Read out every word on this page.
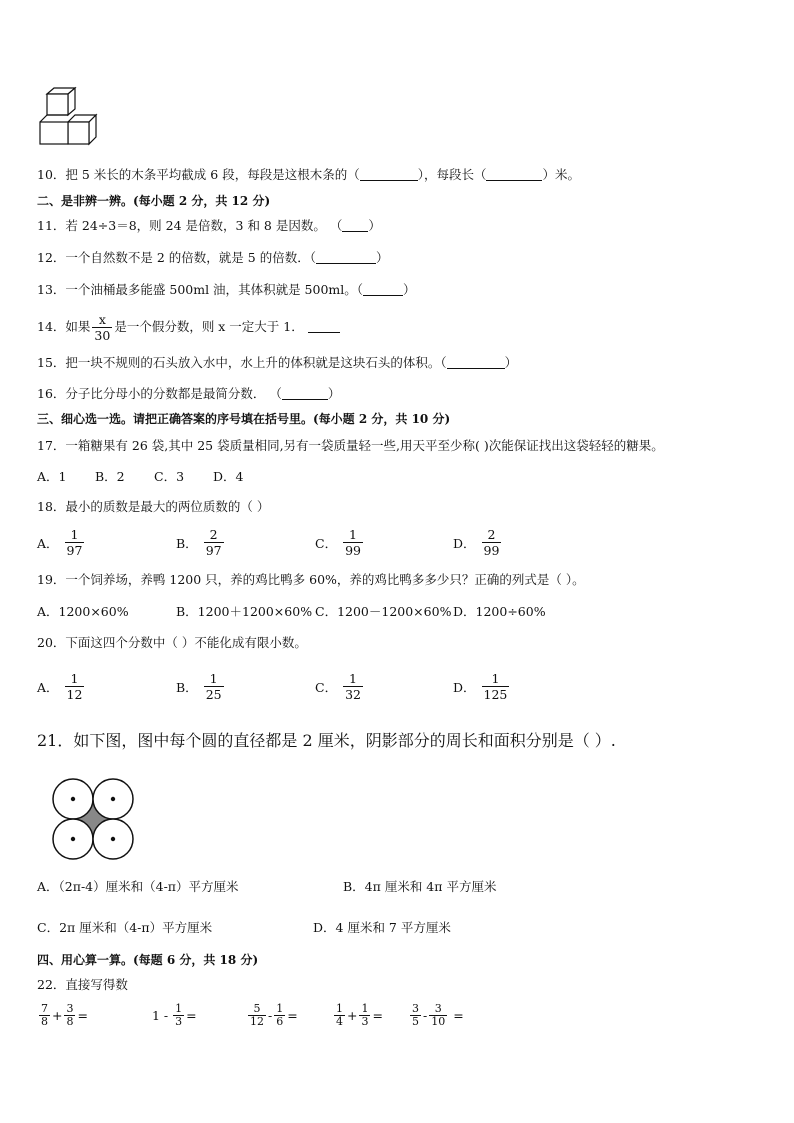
10．把 5 米长的木条平均截成 6 段，每段是这根木条的（	），每段长（	）米。
二、是非辨一辨。(每小题 2 分，共 12 分)
11．若 24÷3＝8，则 24 是倍数，3 和 8 是因数。 （ ）
12．一个自然数不是 2 的倍数，就是 5 的倍数．（	）
13．一个油桶最多能盛 500ml 油，其体积就是 500ml。（	）
14．如果 $\frac{x}{30}$ 是一个假分数，则 x 一定大于 1．
15．把一块不规则的石头放入水中，水上升的体积就是这块石头的体积。（	）
16．分子比分母小的分数都是最简分数． （	）
三、细心选一选。请把正确答案的序号填在括号里。(每小题 2 分，共 10 分)
17．一箱糖果有 26 袋,其中 25 袋质量相同,另有一袋质量轻一些,用天平至少称( )次能保证找出这袋轻轻的糖果。
A．1 B．2 C．3 D．4
18．最小的质数是最大的两位质数的（ ）
A． $\frac{1}{97}$	B． $\frac{2}{97}$	C． $\frac{1}{99}$	D． $\frac{2}{99}$
19．一个饲养场，养鸭 1200 只，养的鸡比鸭多 60%，养的鸡比鸭多多少只？正确的列式是（ ）。
A．1200×60%	B．1200＋1200×60% C．1200－1200×60% D．1200÷60%
20．下面这四个分数中（ ）不能化成有限小数。
A． $\frac{1}{12}$	B． $\frac{1}{25}$	C． $\frac{1}{32}$	D． $\frac{1}{125}$
21．如下图，图中每个圆的直径都是 2 厘米，阴影部分的周长和面积分别是（ ）.
A．（2π-4）厘米和（4-π）平方厘米	B．4π 厘米和 4π 平方厘米
C．2π 厘米和（4-π）平方厘米	D．4 厘米和 7 平方厘米
四、用心算一算。(每题 6 分，共 18 分)
22．直接写得数
$\frac{7}{8} + \frac{3}{8}$ =	$1 - \frac{1}{3}$ =	$\frac{5}{12} - \frac{1}{6}$ =	$\frac{1}{4} + \frac{1}{3} = \frac{3}{5} - \frac{3}{10}$ =
